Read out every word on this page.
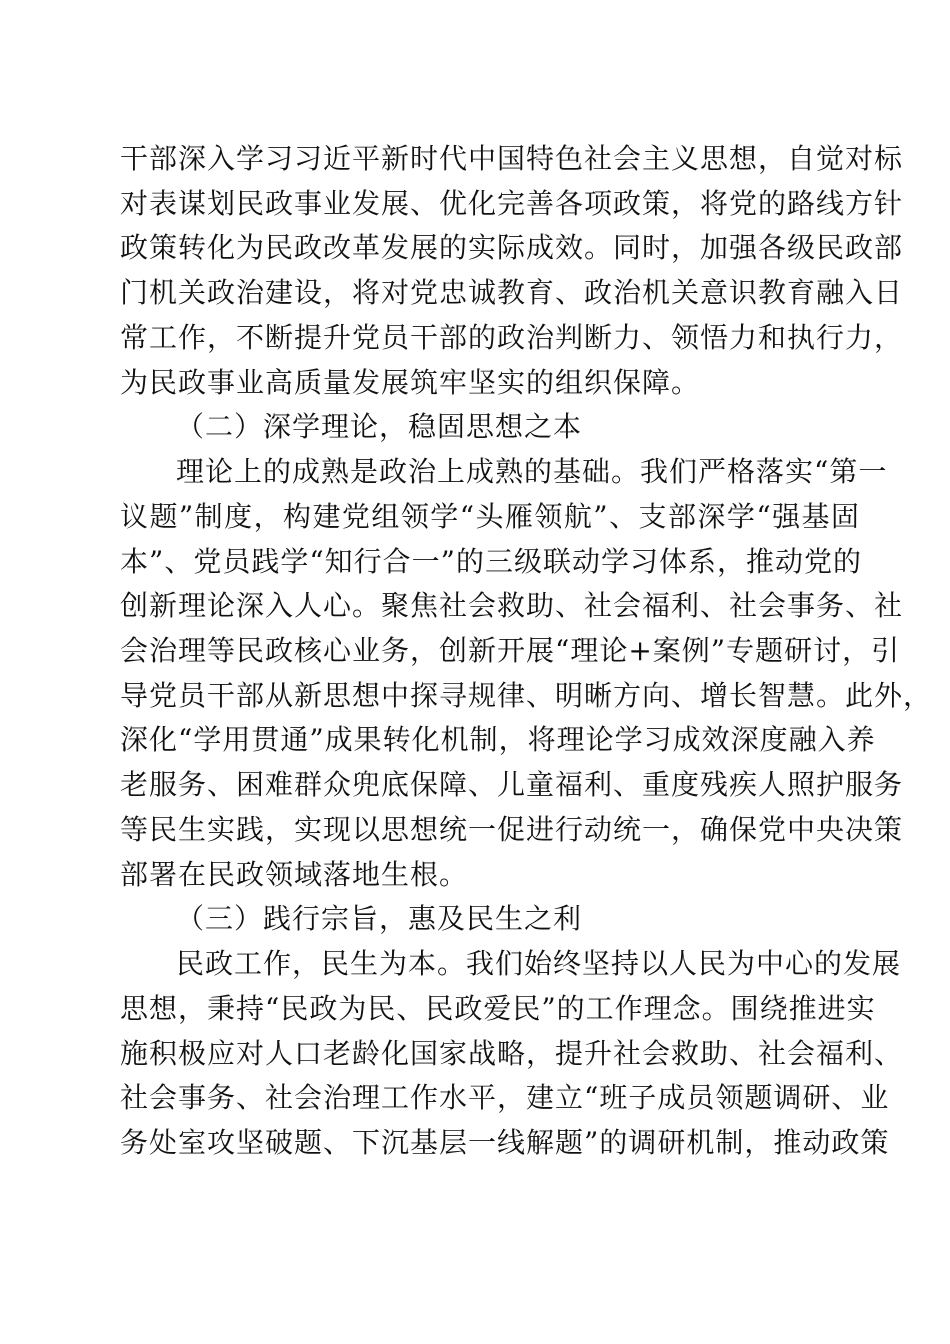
干部深入学习习近平新时代中国特色社会主义思想，自觉对标
对表谋划民政事业发展、优化完善各项政策，将党的路线方针
政策转化为民政改革发展的实际成效。同时，加强各级民政部
门机关政治建设，将对党忠诚教育、政治机关意识教育融入日
常工作，不断提升党员干部的政治判断力、领悟力和执行力，
为民政事业高质量发展筑牢坚实的组织保障。
（二）深学理论，稳固思想之本
理论上的成熟是政治上成熟的基础。我们严格落实“第一
议题”制度，构建党组领学“头雁领航”、支部深学“强基固
本”、党员践学“知行合一”的三级联动学习体系，推动党的
创新理论深入人心。聚焦社会救助、社会福利、社会事务、社
会治理等民政核心业务，创新开展“理论+案例”专题研讨，引
导党员干部从新思想中探寻规律、明晰方向、增长智慧。此外，
深化“学用贯通”成果转化机制，将理论学习成效深度融入养
老服务、困难群众兜底保障、儿童福利、重度残疾人照护服务
等民生实践，实现以思想统一促进行动统一，确保党中央决策
部署在民政领域落地生根。
（三）践行宗旨，惠及民生之利
民政工作，民生为本。我们始终坚持以人民为中心的发展
思想，秉持“民政为民、民政爱民”的工作理念。围绕推进实
施积极应对人口老龄化国家战略，提升社会救助、社会福利、
社会事务、社会治理工作水平，建立“班子成员领题调研、业
务处室攻坚破题、下沉基层一线解题”的调研机制，推动政策
